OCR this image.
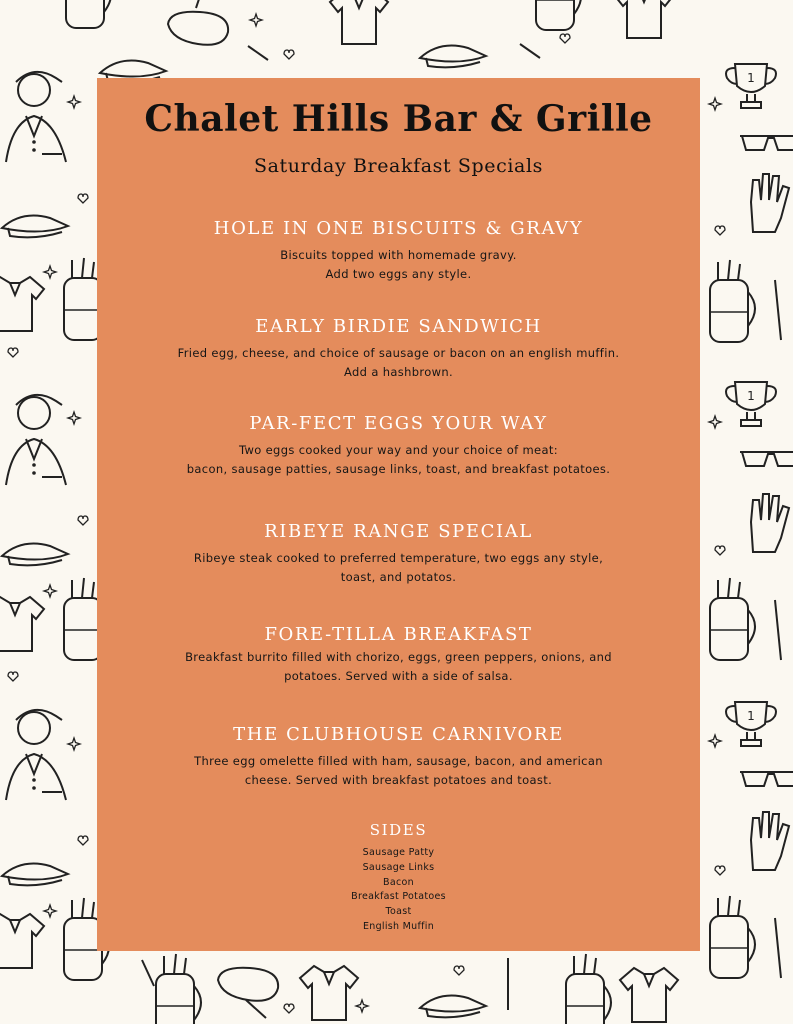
Chalet Hills Bar & Grille
Saturday Breakfast Specials
HOLE IN ONE BISCUITS & GRAVY
Biscuits topped with homemade gravy.
Add two eggs any style.
EARLY BIRDIE SANDWICH
Fried egg, cheese, and choice of sausage or bacon on an english muffin.
Add a hashbrown.
PAR-FECT EGGS YOUR WAY
Two eggs cooked your way and your choice of meat:
bacon, sausage patties, sausage links, toast, and breakfast potatoes.
RIBEYE RANGE SPECIAL
Ribeye steak cooked to preferred temperature, two eggs any style,
toast, and potatos.
FORE-TILLA BREAKFAST
Breakfast burrito filled with chorizo, eggs, green peppers, onions, and
potatoes. Served with a side of salsa.
THE CLUBHOUSE CARNIVORE
Three egg omelette filled with ham, sausage, bacon, and american
cheese. Served with breakfast potatoes and toast.
SIDES
Sausage Patty
Sausage Links
Bacon
Breakfast Potatoes
Toast
English Muffin
